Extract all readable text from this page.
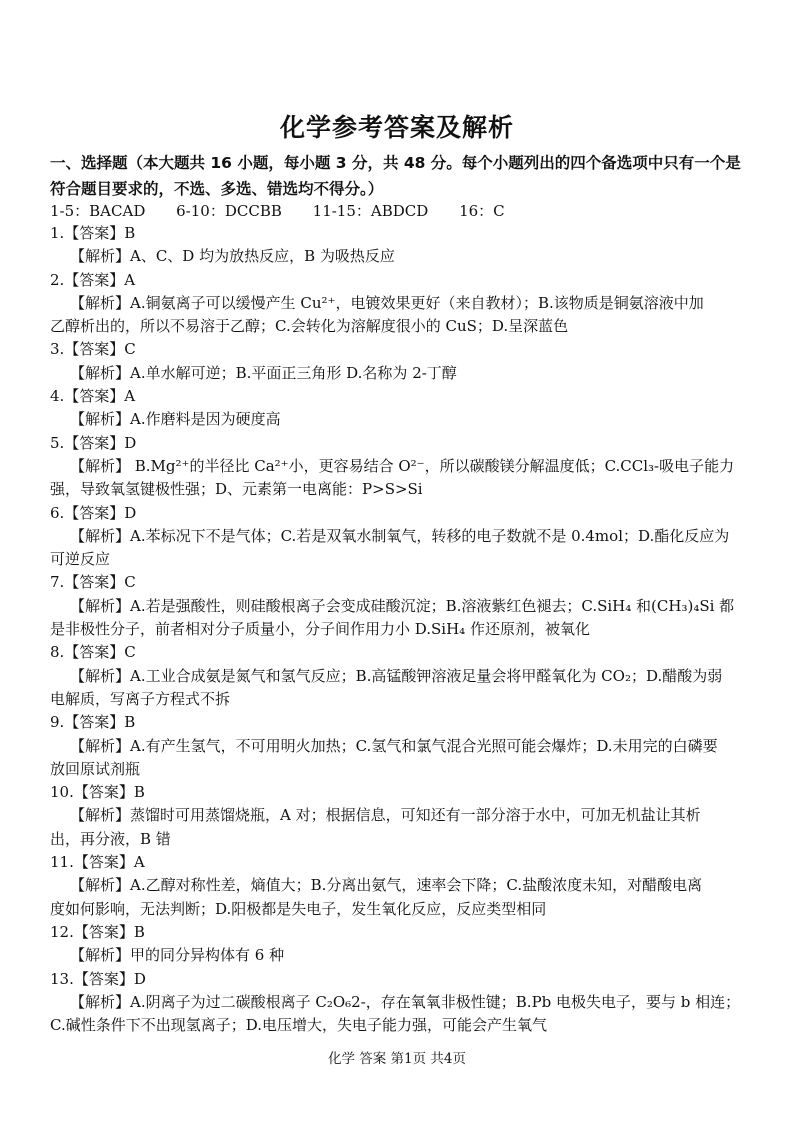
化学参考答案及解析
一、选择题（本大题共 16 小题，每小题 3 分，共 48 分。每个小题列出的四个备选项中只有一个是符合题目要求的，不选、多选、错选均不得分。）
1-5：BACAD 6-10：DCCBB 11-15：ABDCD 16：C
1.【答案】B
【解析】A、C、D 均为放热反应，B 为吸热反应
2.【答案】A
【解析】A.铜氨离子可以缓慢产生 Cu²⁺，电镀效果更好（来自教材）；B.该物质是铜氨溶液中加
乙醇析出的，所以不易溶于乙醇；C.会转化为溶解度很小的 CuS；D.呈深蓝色
3.【答案】C
【解析】A.单水解可逆；B.平面正三角形 D.名称为 2-丁醇
4.【答案】A
【解析】A.作磨料是因为硬度高
5.【答案】D
【解析】 B.Mg²⁺的半径比 Ca²⁺小，更容易结合 O²⁻，所以碳酸镁分解温度低；C.CCl₃-吸电子能力
强，导致氧氢键极性强；D、元素第一电离能：P>S>Si
6.【答案】D
【解析】A.苯标况下不是气体；C.若是双氧水制氧气，转移的电子数就不是 0.4mol；D.酯化反应为
可逆反应
7.【答案】C
【解析】A.若是强酸性，则硅酸根离子会变成硅酸沉淀；B.溶液紫红色褪去；C.SiH₄ 和(CH₃)₄Si 都
是非极性分子，前者相对分子质量小，分子间作用力小 D.SiH₄ 作还原剂，被氧化
8.【答案】C
【解析】A.工业合成氨是氮气和氢气反应；B.高锰酸钾溶液足量会将甲醛氧化为 CO₂；D.醋酸为弱
电解质，写离子方程式不拆
9.【答案】B
【解析】A.有产生氢气，不可用明火加热；C.氢气和氯气混合光照可能会爆炸；D.未用完的白磷要
放回原试剂瓶
10.【答案】B
【解析】蒸馏时可用蒸馏烧瓶，A 对；根据信息，可知还有一部分溶于水中，可加无机盐让其析
出，再分液，B 错
11.【答案】A
【解析】A.乙醇对称性差，熵值大；B.分离出氨气，速率会下降；C.盐酸浓度未知，对醋酸电离
度如何影响，无法判断；D.阳极都是失电子，发生氧化反应，反应类型相同
12.【答案】B
【解析】甲的同分异构体有 6 种
13.【答案】D
【解析】A.阴离子为过二碳酸根离子 C₂O₆2-，存在氧氧非极性键；B.Pb 电极失电子，要与 b 相连；
C.碱性条件下不出现氢离子；D.电压增大，失电子能力强，可能会产生氧气
化学 答案 第1页 共4页
